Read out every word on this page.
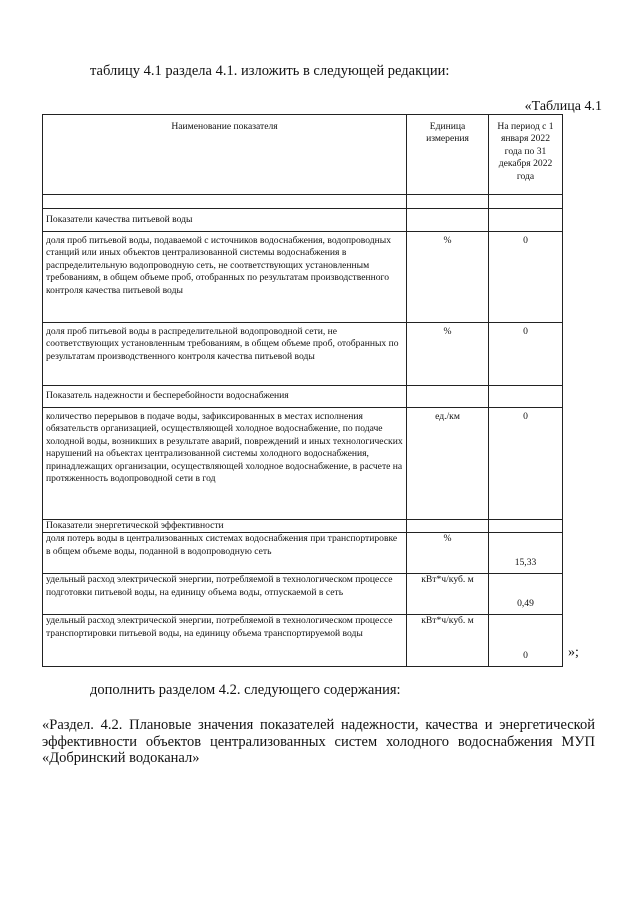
таблицу 4.1 раздела 4.1. изложить в следующей редакции:
«Таблица 4.1
Наименование показателя	Единица измерения	На период с 1 января 2022 года по 31 декабря 2022 года

Показатели качества питьевой воды		
доля проб питьевой воды, подаваемой с источников водоснабжения, водопроводных станций или иных объектов централизованной системы водоснабжения в распределительную водопроводную сеть, не соответствующих установленным требованиям, в общем объеме проб, отобранных по результатам производственного контроля качества питьевой воды	%	0
доля проб питьевой воды в распределительной водопроводной сети, не соответствующих установленным требованиям, в общем объеме проб, отобранных по результатам производственного контроля качества питьевой воды	%	0
Показатель надежности и бесперебойности водоснабжения		
количество перерывов в подаче воды, зафиксированных в местах исполнения обязательств организацией, осуществляющей холодное водоснабжение, по подаче холодной воды, возникших в результате аварий, повреждений и иных технологических нарушений на объектах централизованной системы холодного водоснабжения, принадлежащих организации, осуществляющей холодное водоснабжение, в расчете на протяженность водопроводной сети в год	ед./км	0
Показатели энергетической эффективности		
доля потерь воды в централизованных системах водоснабжения при транспортировке в общем объеме воды, поданной в водопроводную сеть	%	15,33
удельный расход электрической энергии, потребляемой в технологическом процессе подготовки питьевой воды, на единицу объема воды, отпускаемой в сеть	кВт*ч/куб. м	0,49
удельный расход электрической энергии, потребляемой в технологическом процессе транспортировки питьевой воды, на единицу объема транспортируемой воды	кВт*ч/куб. м	0	»;
дополнить разделом 4.2. следующего содержания:
«Раздел. 4.2. Плановые значения показателей надежности, качества и энергетической эффективности объектов централизованных систем холодного водоснабжения МУП «Добринский водоканал»
